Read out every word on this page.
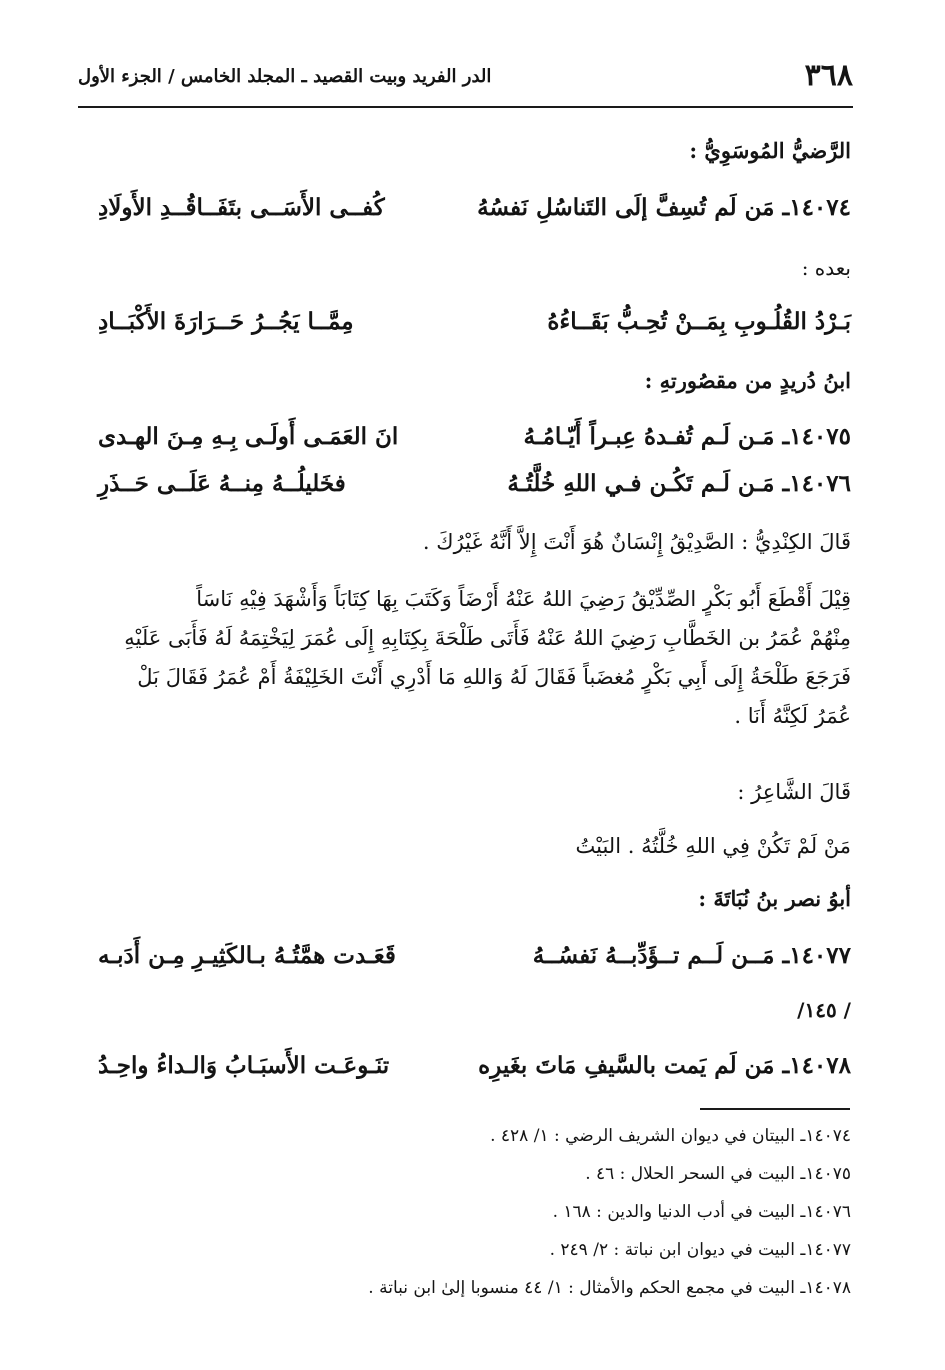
٣٦٨
الدر الفريد وبيت القصيد ـ المجلد الخامس / الجزء الأول
الرَّضيُّ المُوسَوِيُّ :
١٤٠٧٤ـ مَن لَم تُسِفَّ إلَى التَناسُلِ نَفسُهُ
كُفــى الأَسَــى بتَفَــاقُــدِ الأَولَادِ
بعده :
بَـرْدُ القُلُـوبِ بِمَــنْ تُحِـبُّ بَقَــاءُهُ
مِمَّــا يَجُــرُ حَــرَارَةَ الأَكْبَــادِ
ابنُ دُريدٍ من مقصُورتهِ :
١٤٠٧٥ـ مَـن لَـم تُفـدهُ عِبـراً أَيّـامُـهُ
انَ العَمَـى أَولَـى بِـهِ مِـنَ الهـدى
١٤٠٧٦ـ مَـن لَـم تَكُـن فـي اللهِ خُلَّتُـهُ
فخَليلُــهُ مِنــهُ عَلَــى حَــذَرِ
قَالَ الكِنْدِيُّ : الصَّدِيْقُ إِنْسَانٌ هُوَ أَنْتَ إِلاَّ أَنَّهُ غَيْرُكَ .
قِيْلَ أَقْطَعَ أَبُو بَكْرٍ الصِّدِّيْقُ رَضِيَ اللهُ عَنْهُ أَرْضَاً وَكَتَبَ بِهَا كِتَابَاً وَأَشْهَدَ فِيْهِ نَاسَاً
مِنْهُمْ عُمَرُ بن الخَطَّابِ رَضِيَ اللهُ عَنْهُ فَأَتَى طَلْحَةَ بِكِتَابِهِ إِلَى عُمَرَ لِيَخْتِمَهُ لَهُ فَأَبَى عَلَيْهِ
فَرَجَعَ طَلْحَةُ إِلَى أَبِي بَكْرٍ مُغضَباً فَقَالَ لَهُ وَاللهِ مَا أَدْرِي أَنْتَ الخَلِيْفَةُ أَمْ عُمَرُ فَقَالَ بَلْ
عُمَرُ لَكِنَّهُ أَنَا .
قَالَ الشَّاعِرُ :
مَنْ لَمْ تَكُنْ فِي اللهِ خُلَّتُهُ . البَيْتُ
أبوُ نصر بنُ نُبَاتَةَ :
١٤٠٧٧ـ مَــن لَــم تــؤَدِّبــهُ نَفسُــهُ
قَعَـدت همَّتُـهُ بـالكَثِيـرِ مِـن أَدَبـه
/ ١٤٥/
١٤٠٧٨ـ مَن لَم يَمت بالسَّيفِ مَاتَ بغَيرِه
تنَـوعَـت الأَسبَـابُ وَالـداءُ واحِـدُ
١٤٠٧٤ـ البيتان في ديوان الشريف الرضي : ١/ ٤٢٨ .
١٤٠٧٥ـ البيت في السحر الحلال : ٤٦ .
١٤٠٧٦ـ البيت في أدب الدنيا والدين : ١٦٨ .
١٤٠٧٧ـ البيت في ديوان ابن نباتة : ٢/ ٢٤٩ .
١٤٠٧٨ـ البيت في مجمع الحكم والأمثال : ١/ ٤٤ منسوبا إلىٰ ابن نباتة .
